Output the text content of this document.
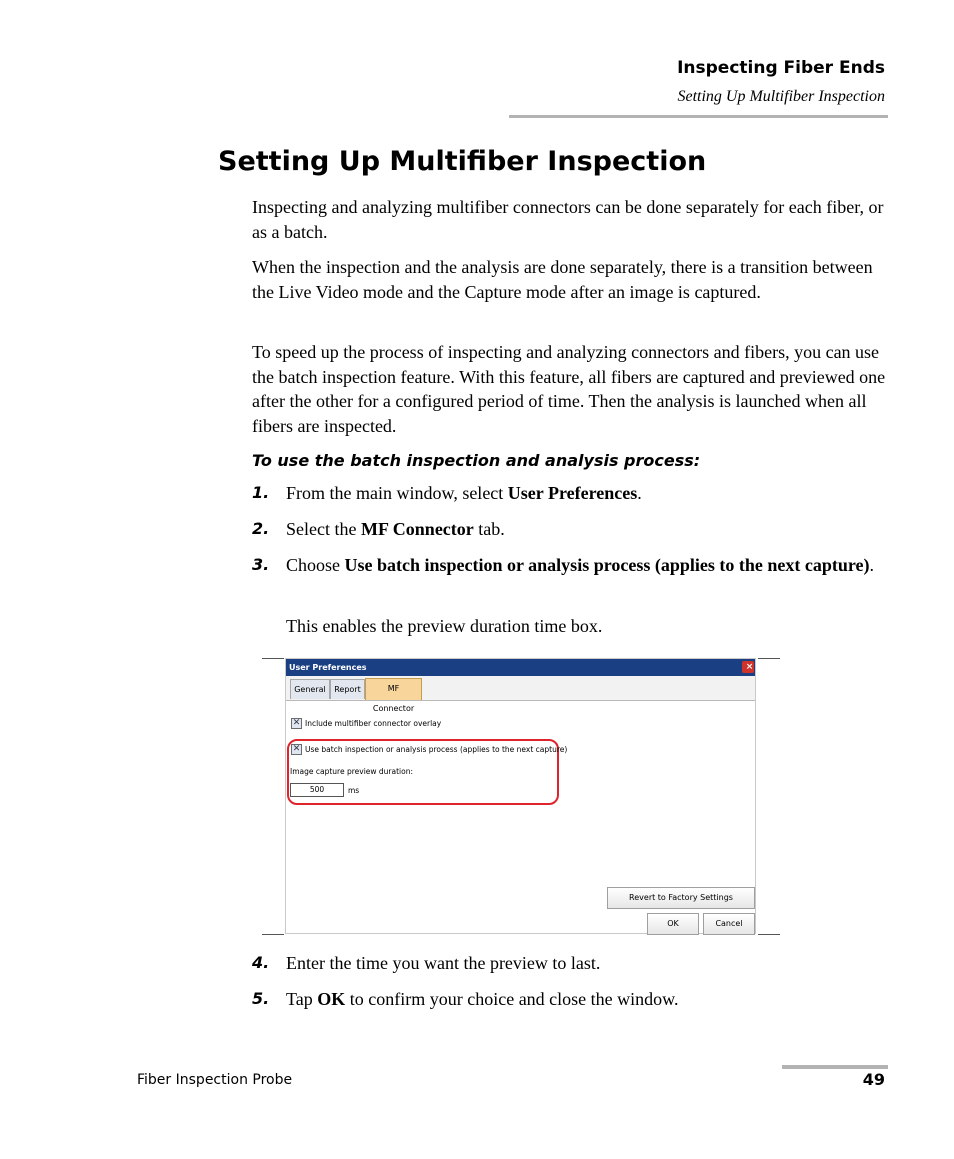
Inspecting Fiber Ends
Setting Up Multifiber Inspection
Setting Up Multifiber Inspection
Inspecting and analyzing multifiber connectors can be done separately for each fiber, or as a batch.
When the inspection and the analysis are done separately, there is a transition between the Live Video mode and the Capture mode after an image is captured.
To speed up the process of inspecting and analyzing connectors and fibers, you can use the batch inspection feature. With this feature, all fibers are captured and previewed one after the other for a configured period of time. Then the analysis is launched when all fibers are inspected.
To use the batch inspection and analysis process:
1. From the main window, select User Preferences.
2. Select the MF Connector tab.
3. Choose Use batch inspection or analysis process (applies to the next capture).
This enables the preview duration time box.
User Preferences	×
General	Report	MF Connector
✕ Include multifiber connector overlay
✕ Use batch inspection or analysis process (applies to the next capture)
Image capture preview duration:
500	ms
Revert to Factory Settings
OK	Cancel
4. Enter the time you want the preview to last.
5. Tap OK to confirm your choice and close the window.
Fiber Inspection Probe	49
